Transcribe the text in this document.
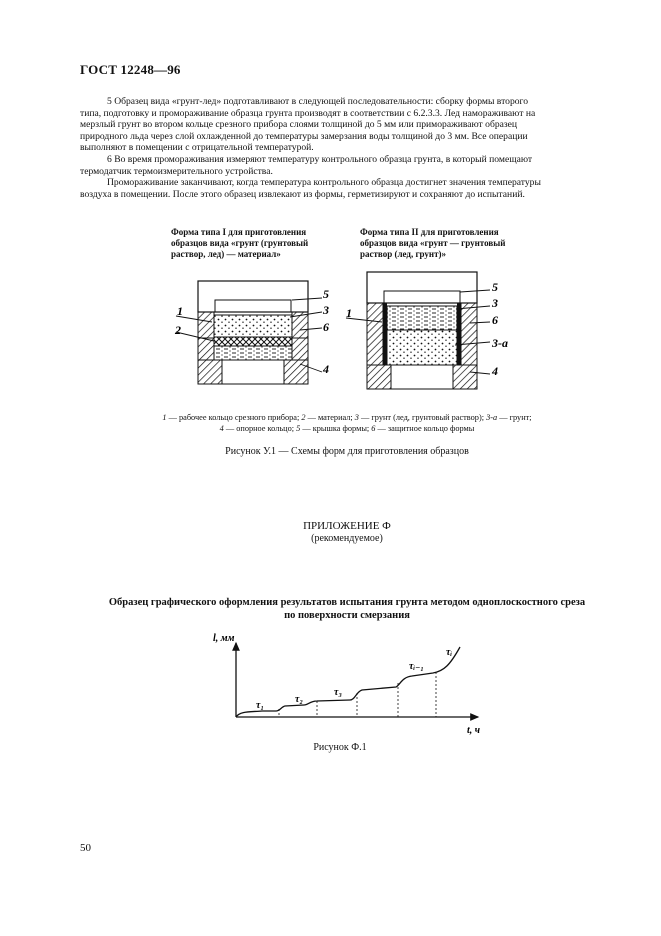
ГОСТ 12248—96
5 Образец вида «грунт-лед» подготавливают в следующей последовательности: сборку формы второго
типа, подготовку и промораживание образца грунта производят в соответствии с 6.2.3.3. Лед намораживают на
мерзлый грунт во втором кольце срезного прибора слоями толщиной до 5 мм или примораживают образец
природного льда через слой охлажденной до температуры замерзания воды толщиной до 3 мм. Все операции
выполняют в помещении с отрицательной температурой.
6 Во время промораживания измеряют температуру контрольного образца грунта, в который помещают
термодатчик термоизмерительного устройства.
Промораживание заканчивают, когда температура контрольного образца достигнет значения температуры
воздуха в помещении. После этого образец извлекают из формы, герметизируют и сохраняют до испытаний.
Форма типа I для приготовления
образцов вида «грунт (грунтовый
раствор, лед) — материал»
Форма типа II для приготовления
образцов вида «грунт — грунтовый
раствор (лед, грунт)»
1
2
5
3
6
4
1
5
3
6
3-а
4
1 — рабочее кольцо срезного прибора; 2 — материал; 3 — грунт (лед, грунтовый раствор); 3-а — грунт;
4 — опорное кольцо; 5 — крышка формы; 6 — защитное кольцо формы
Рисунок У.1 — Схемы форм для приготовления образцов
ПРИЛОЖЕНИЕ Ф
(рекомендуемое)
Образец графического оформления результатов испытания грунта методом одноплоскостного среза
по поверхности смерзания
l, мм
t, ч
τ₁
τ₂
τ₃
τᵢ₋₁
τᵢ
Рисунок Ф.1
50
